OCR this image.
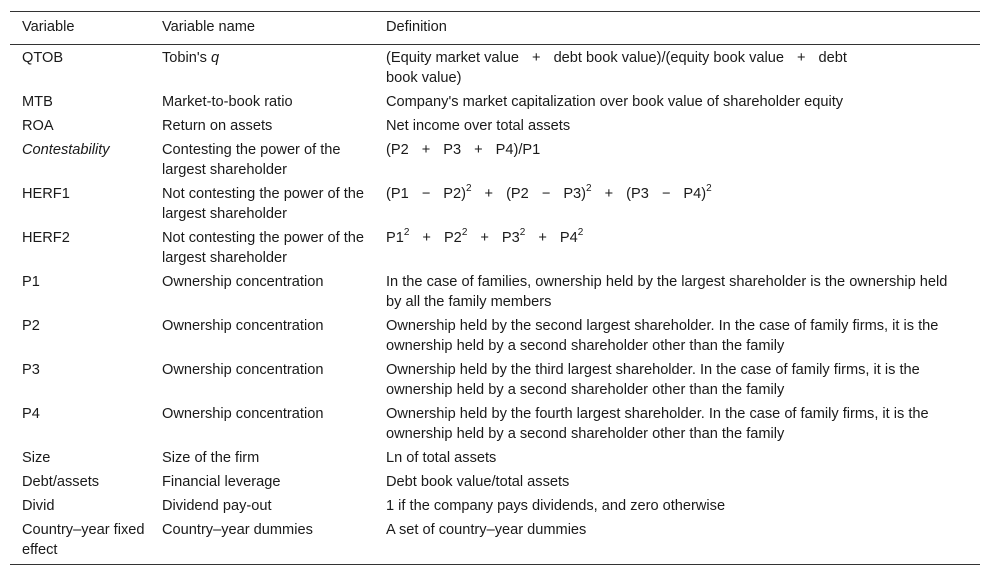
Variable	Variable name	Definition
QTOB	Tobin's q	(Equity market value + debt book value)/(equity book value + debt
book value)

MTB	Market-to-book ratio	Company's market capitalization over book value of shareholder equity
ROA	Return on assets	Net income over total assets
Contestability	Contesting the power of the largest shareholder	(P2 + P3 + P4)/P1
HERF1	Not contesting the power of the largest shareholder	$(P1 - P2)^2 + (P2 - P3)^2 + (P3 - P4)^2$
HERF2	Not contesting the power of the largest shareholder	$P1^2 + P2^2 + P3^2 + P4^2$
P1	Ownership concentration	In the case of families, ownership held by the largest shareholder is the ownership held by all the family members
P2	Ownership concentration	Ownership held by the second largest shareholder. In the case of family firms, it is the ownership held by a second shareholder other than the family
P3	Ownership concentration	Ownership held by the third largest shareholder. In the case of family firms, it is the ownership held by a second shareholder other than the family
P4	Ownership concentration	Ownership held by the fourth largest shareholder. In the case of family firms, it is the ownership held by a second shareholder other than the family
Size	Size of the firm	Ln of total assets
Debt/assets	Financial leverage	Debt book value/total assets
Divid	Dividend pay-out	1 if the company pays dividends, and zero otherwise
Country–year fixed effect	Country–year dummies	A set of country–year dummies
